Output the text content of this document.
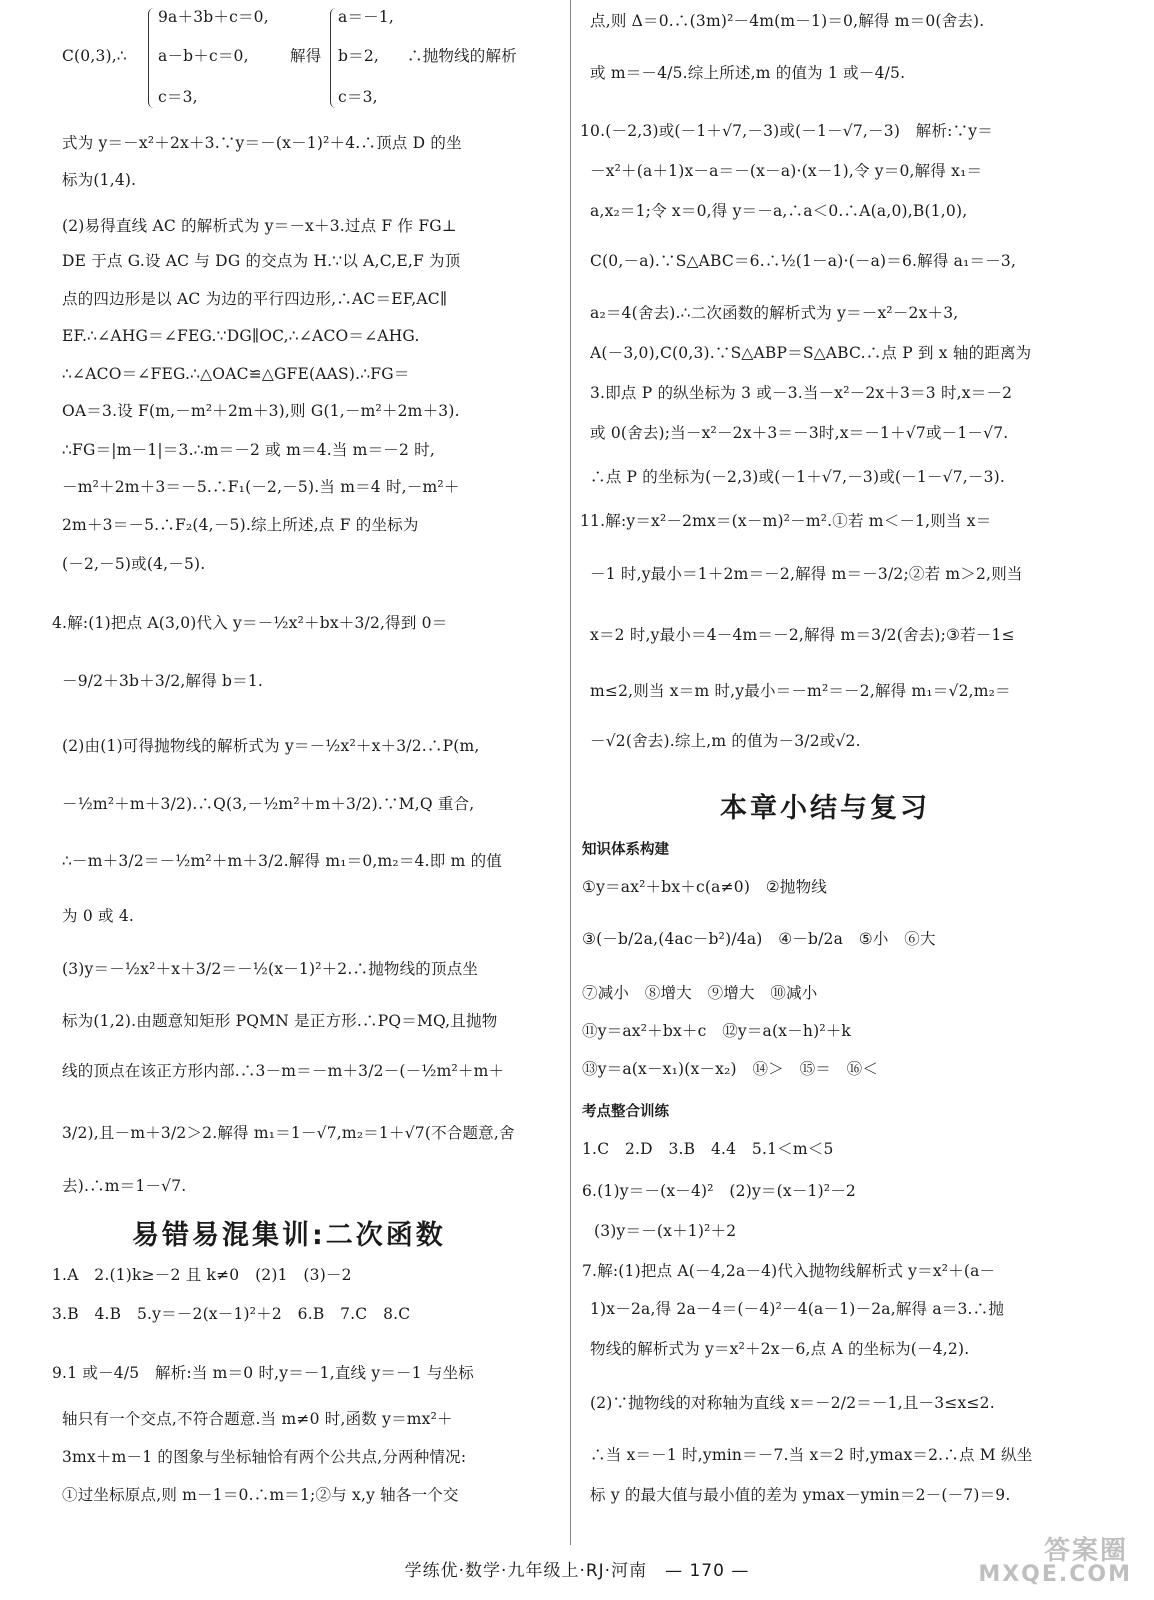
C(0,3),∴
9a＋3b＋c＝0,
a－b＋c＝0,
c＝3,
解得
a＝－1,
b＝2,
c＝3,
∴抛物线的解析
式为 y＝－x²＋2x＋3.∵y＝－(x－1)²＋4.∴顶点 D 的坐
标为(1,4).
(2)易得直线 AC 的解析式为 y＝－x＋3.过点 F 作 FG⊥
DE 于点 G.设 AC 与 DG 的交点为 H.∵以 A,C,E,F 为顶
点的四边形是以 AC 为边的平行四边形,∴AC＝EF,AC∥
EF.∴∠AHG＝∠FEG.∵DG∥OC,∴∠ACO＝∠AHG.
∴∠ACO＝∠FEG.∴△OAC≌△GFE(AAS).∴FG＝
OA＝3.设 F(m,－m²＋2m＋3),则 G(1,－m²＋2m＋3).
∴FG＝|m－1|＝3.∴m＝－2 或 m＝4.当 m＝－2 时,
－m²＋2m＋3＝－5.∴F₁(－2,－5).当 m＝4 时,－m²＋
2m＋3＝－5.∴F₂(4,－5).综上所述,点 F 的坐标为
(－2,－5)或(4,－5).
4.解:(1)把点 A(3,0)代入 y＝－½x²＋bx＋3/2,得到 0＝
－9/2＋3b＋3/2,解得 b＝1.
(2)由(1)可得抛物线的解析式为 y＝－½x²＋x＋3/2.∴P(m,
－½m²＋m＋3/2).∴Q(3,－½m²＋m＋3/2).∵M,Q 重合,
∴－m＋3/2＝－½m²＋m＋3/2.解得 m₁＝0,m₂＝4.即 m 的值
为 0 或 4.
(3)y＝－½x²＋x＋3/2＝－½(x－1)²＋2.∴抛物线的顶点坐
标为(1,2).由题意知矩形 PQMN 是正方形.∴PQ＝MQ,且抛物
线的顶点在该正方形内部.∴3－m＝－m＋3/2－(－½m²＋m＋
3/2),且－m＋3/2＞2.解得 m₁＝1－√7,m₂＝1＋√7(不合题意,舍
去).∴m＝1－√7.
易错易混集训:二次函数
1.A　2.(1)k≥－2 且 k≠0　(2)1　(3)－2
3.B　4.B　5.y＝－2(x－1)²＋2　6.B　7.C　8.C
9.1 或－4/5　解析:当 m＝0 时,y＝－1,直线 y＝－1 与坐标
轴只有一个交点,不符合题意.当 m≠0 时,函数 y＝mx²＋
3mx＋m－1 的图象与坐标轴恰有两个公共点,分两种情况:
①过坐标原点,则 m－1＝0.∴m＝1;②与 x,y 轴各一个交
点,则 Δ＝0.∴(3m)²－4m(m－1)＝0,解得 m＝0(舍去).
或 m＝－4/5.综上所述,m 的值为 1 或－4/5.
10.(－2,3)或(－1＋√7,－3)或(－1－√7,－3)　解析:∵y＝
－x²＋(a＋1)x－a＝－(x－a)·(x－1),令 y＝0,解得 x₁＝
a,x₂＝1;令 x＝0,得 y＝－a,∴a＜0.∴A(a,0),B(1,0),
C(0,－a).∵S△ABC＝6.∴½(1－a)·(－a)＝6.解得 a₁＝－3,
a₂＝4(舍去).∴二次函数的解析式为 y＝－x²－2x＋3,
A(－3,0),C(0,3).∵S△ABP＝S△ABC.∴点 P 到 x 轴的距离为
3.即点 P 的纵坐标为 3 或－3.当－x²－2x＋3＝3 时,x＝－2
或 0(舍去);当－x²－2x＋3＝－3时,x＝－1＋√7或－1－√7.
∴点 P 的坐标为(－2,3)或(－1＋√7,－3)或(－1－√7,－3).
11.解:y＝x²－2mx＝(x－m)²－m².①若 m＜－1,则当 x＝
－1 时,y最小＝1＋2m＝－2,解得 m＝－3/2;②若 m＞2,则当
x＝2 时,y最小＝4－4m＝－2,解得 m＝3/2(舍去);③若－1≤
m≤2,则当 x＝m 时,y最小＝－m²＝－2,解得 m₁＝√2,m₂＝
－√2(舍去).综上,m 的值为－3/2或√2.
本章小结与复习
知识体系构建
①y＝ax²＋bx＋c(a≠0)　②抛物线
③(－b/2a,(4ac－b²)/4a)　④－b/2a　⑤小　⑥大
⑦减小　⑧增大　⑨增大　⑩减小
⑪y＝ax²＋bx＋c　⑫y＝a(x－h)²＋k
⑬y＝a(x－x₁)(x－x₂)　⑭＞　⑮＝　⑯＜
考点整合训练
1.C　2.D　3.B　4.4　5.1＜m＜5
6.(1)y＝－(x－4)²　(2)y＝(x－1)²－2
(3)y＝－(x＋1)²＋2
7.解:(1)把点 A(－4,2a－4)代入抛物线解析式 y＝x²＋(a－
1)x－2a,得 2a－4＝(－4)²－4(a－1)－2a,解得 a＝3.∴抛
物线的解析式为 y＝x²＋2x－6,点 A 的坐标为(－4,2).
(2)∵抛物线的对称轴为直线 x＝－2/2＝－1,且－3≤x≤2.
∴当 x＝－1 时,ymin＝－7.当 x＝2 时,ymax＝2.∴点 M 纵坐
标 y 的最大值与最小值的差为 ymax－ymin＝2－(－7)＝9.
学练优·数学·九年级上·RJ·河南　— 170 —
答案圈
MXQE.COM
